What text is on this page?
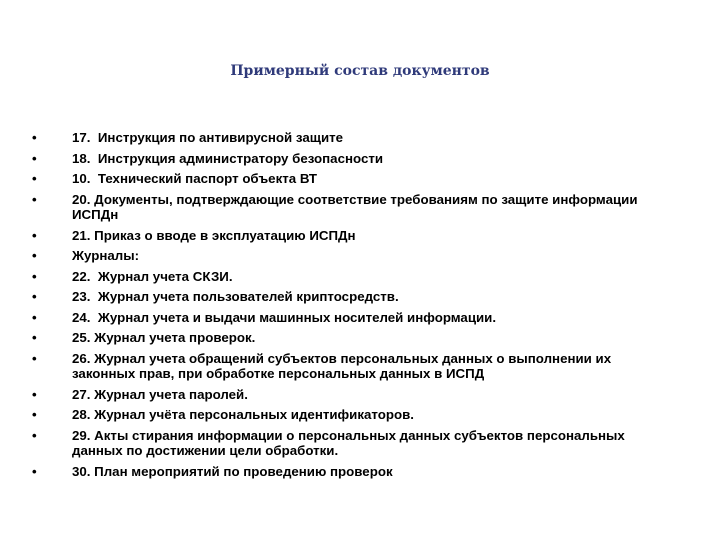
Примерный состав документов
•	17.  Инструкция по антивирусной защите
•	18.  Инструкция администратору безопасности
•	10.  Технический паспорт объекта ВТ
•	20. Документы, подтверждающие соответствие требованиям по защите информации ИСПДн
•	21. Приказ о вводе в эксплуатацию ИСПДн
•	Журналы:
•	22.  Журнал учета СКЗИ.
•	23.  Журнал учета пользователей криптосредств.
•	24.  Журнал учета и выдачи машинных носителей информации.
•	25. Журнал учета проверок.
•	26. Журнал учета обращений субъектов персональных данных о выполнении их законных прав, при обработке персональных данных в ИСПД
•	27. Журнал учета паролей.
•	28. Журнал учёта персональных идентификаторов.
•	29. Акты стирания информации о персональных данных субъектов персональных данных по достижении цели обработки.
•	30. План мероприятий по проведению проверок
